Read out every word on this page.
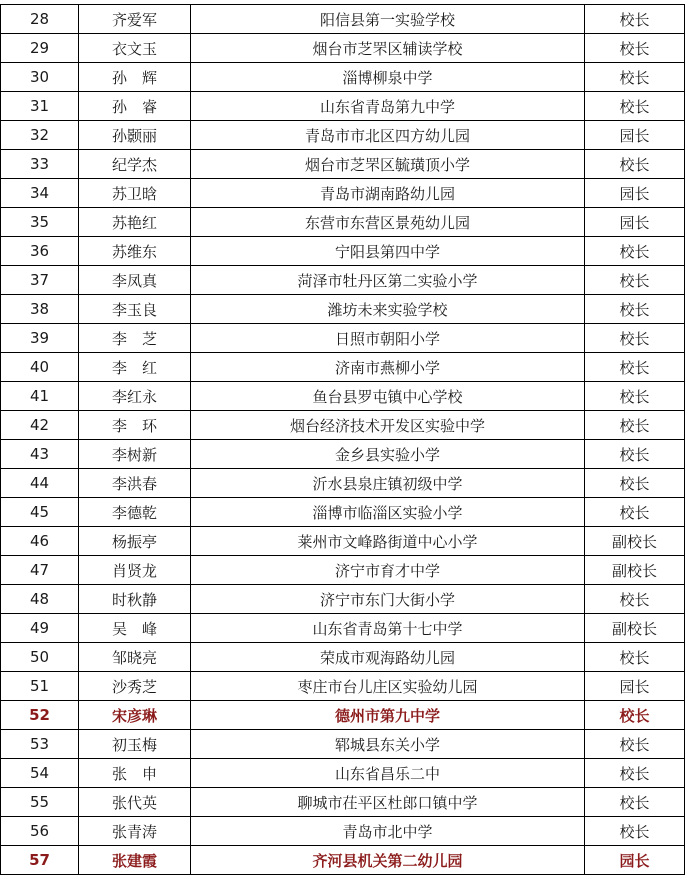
28	齐爱军	阳信县第一实验学校	校长
29	衣文玉	烟台市芝罘区辅读学校	校长
30	孙　辉	淄博柳泉中学	校长
31	孙　睿	山东省青岛第九中学	校长
32	孙颢丽	青岛市市北区四方幼儿园	园长
33	纪学杰	烟台市芝罘区毓璜顶小学	校长
34	苏卫晗	青岛市湖南路幼儿园	园长
35	苏艳红	东营市东营区景苑幼儿园	园长
36	苏维东	宁阳县第四中学	校长
37	李凤真	菏泽市牡丹区第二实验小学	校长
38	李玉良	潍坊未来实验学校	校长
39	李　芝	日照市朝阳小学	校长
40	李　红	济南市燕柳小学	校长
41	李红永	鱼台县罗屯镇中心学校	校长
42	李　环	烟台经济技术开发区实验中学	校长
43	李树新	金乡县实验小学	校长
44	李洪春	沂水县泉庄镇初级中学	校长
45	李德乾	淄博市临淄区实验小学	校长
46	杨振亭	莱州市文峰路街道中心小学	副校长
47	肖贤龙	济宁市育才中学	副校长
48	时秋静	济宁市东门大街小学	校长
49	吴　峰	山东省青岛第十七中学	副校长
50	邹晓亮	荣成市观海路幼儿园	校长
51	沙秀芝	枣庄市台儿庄区实验幼儿园	园长
52	宋彦琳	德州市第九中学	校长
53	初玉梅	郓城县东关小学	校长
54	张　申	山东省昌乐二中	校长
55	张代英	聊城市茌平区杜郎口镇中学	校长
56	张青涛	青岛市北中学	校长
57	张建霞	齐河县机关第二幼儿园	园长
